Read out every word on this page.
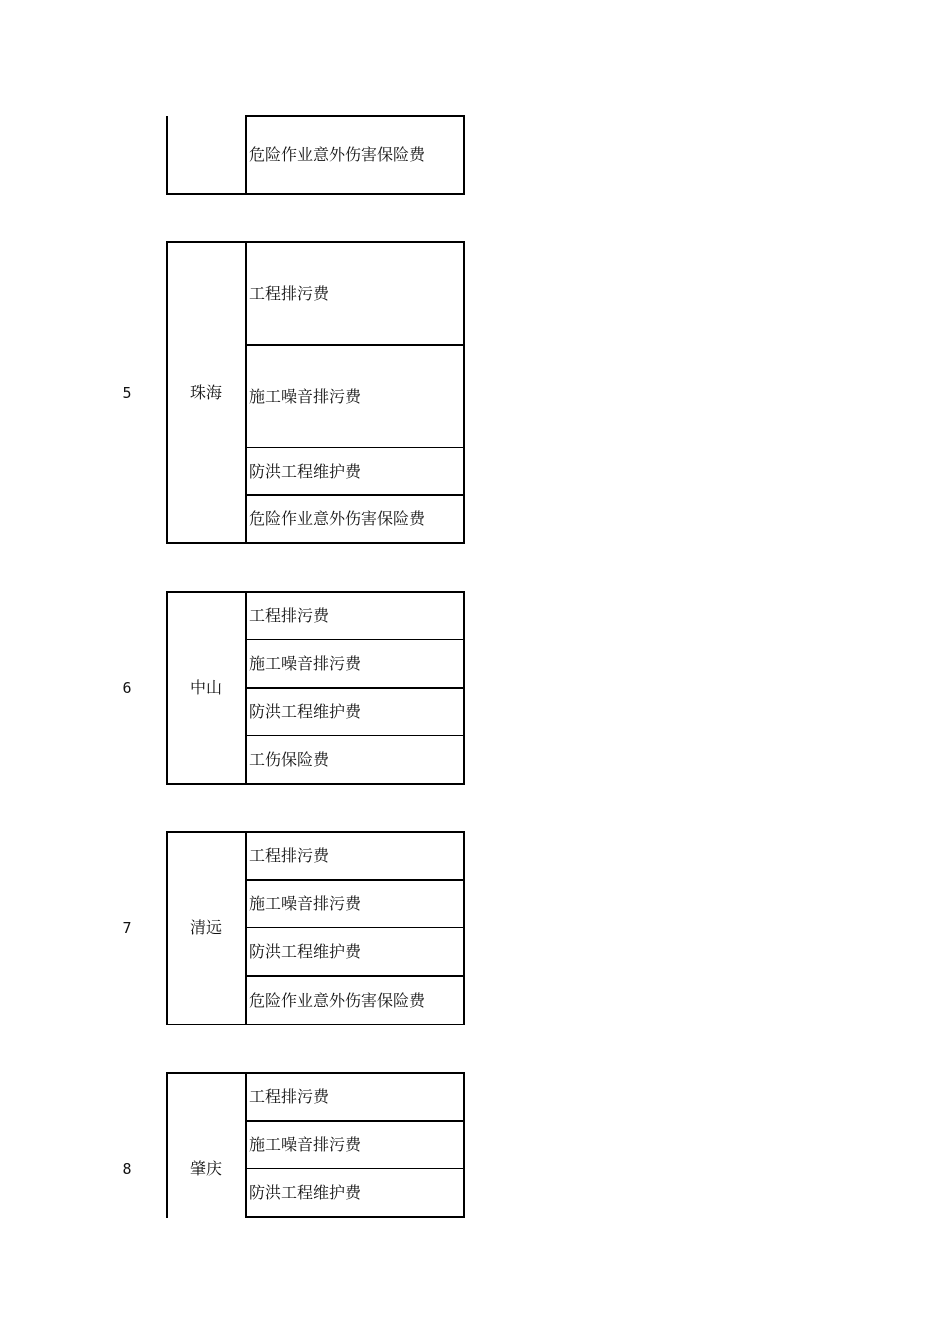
危险作业意外伤害保险费
5	珠海
工程排污费
施工噪音排污费
防洪工程维护费
危险作业意外伤害保险费
6	中山
工程排污费
施工噪音排污费
防洪工程维护费
工伤保险费
7	清远
工程排污费
施工噪音排污费
防洪工程维护费
危险作业意外伤害保险费
8	肇庆
工程排污费
施工噪音排污费
防洪工程维护费
